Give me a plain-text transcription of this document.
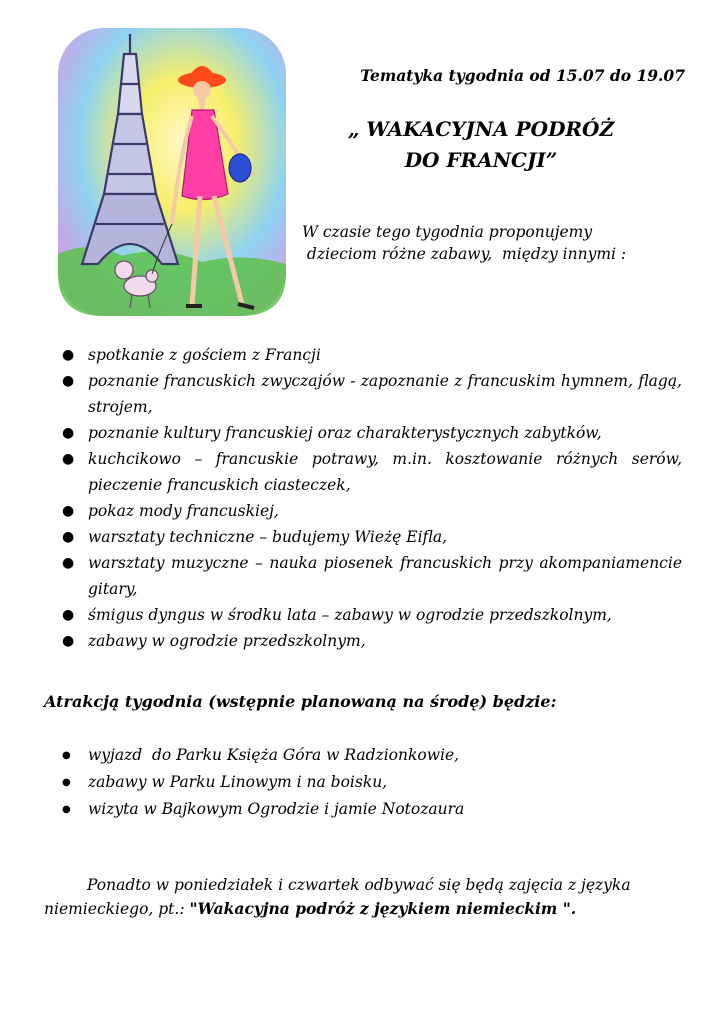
Tematyka tygodnia od 15.07 do 19.07
„ WAKACYJNA PODRÓŻ
DO FRANCJI”
W czasie tego tygodnia proponujemy
dzieciom różne zabawy,  między innymi :
● spotkanie z gościem z Francji
● poznanie francuskich zwyczajów - zapoznanie z francuskim hymnem, flagą, strojem,
● poznanie kultury francuskiej oraz charakterystycznych zabytków,
● kuchcikowo – francuskie potrawy, m.in. kosztowanie różnych serów, pieczenie francuskich ciasteczek,
● pokaz mody francuskiej,
● warsztaty techniczne – budujemy Wieżę Eifla,
● warsztaty muzyczne – nauka piosenek francuskich przy akompaniamencie gitary,
● śmigus dyngus w środku lata – zabawy w ogrodzie przedszkolnym,
● zabawy w ogrodzie przedszkolnym,
Atrakcją tygodnia (wstępnie planowaną na środę) będzie:
● wyjazd  do Parku Księża Góra w Radzionkowie,
● zabawy w Parku Linowym i na boisku,
● wizyta w Bajkowym Ogrodzie i jamie Notozaura
Ponadto w poniedziałek i czwartek odbywać się będą zajęcia z języka niemieckiego, pt.: "Wakacyjna podróż z językiem niemieckim ".
